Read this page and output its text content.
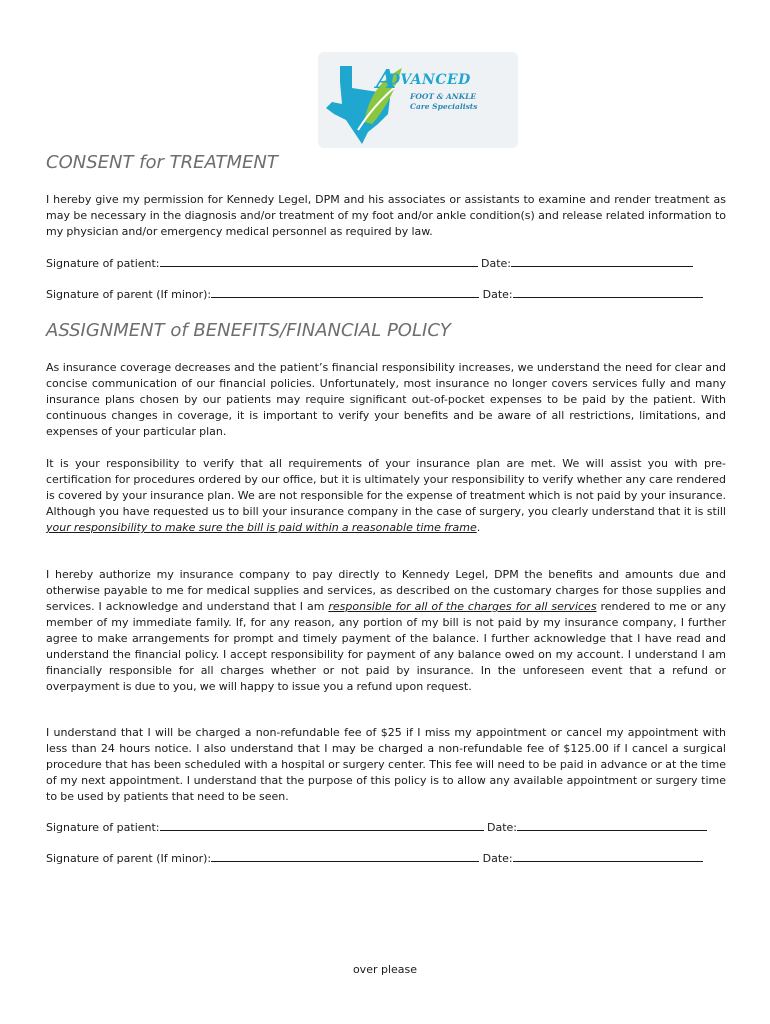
A
DVANCED
FOOT & ANKLE
Care Specialists
CONSENT for TREATMENT
I hereby give my permission for Kennedy Legel, DPM and his associates or assistants to examine and render treatment as may be necessary in the diagnosis and/or treatment of my foot and/or ankle condition(s) and release related information to my physician and/or emergency medical personnel as required by law.
Signature of patient:	Date:
Signature of parent (If minor):	Date:
ASSIGNMENT of BENEFITS/FINANCIAL POLICY
As insurance coverage decreases and the patient’s financial responsibility increases, we understand the need for clear and concise communication of our financial policies. Unfortunately, most insurance no longer covers services fully and many insurance plans chosen by our patients may require significant out-of-pocket expenses to be paid by the patient. With continuous changes in coverage, it is important to verify your benefits and be aware of all restrictions, limitations, and expenses of your particular plan.
It is your responsibility to verify that all requirements of your insurance plan are met. We will assist you with pre-certification for procedures ordered by our office, but it is ultimately your responsibility to verify whether any care rendered is covered by your insurance plan. We are not responsible for the expense of treatment which is not paid by your insurance. Although you have requested us to bill your insurance company in the case of surgery, you clearly understand that it is still your responsibility to make sure the bill is paid within a reasonable time frame.
I hereby authorize my insurance company to pay directly to Kennedy Legel, DPM the benefits and amounts due and otherwise payable to me for medical supplies and services, as described on the customary charges for those supplies and services. I acknowledge and understand that I am responsible for all of the charges for all services rendered to me or any member of my immediate family. If, for any reason, any portion of my bill is not paid by my insurance company, I further agree to make arrangements for prompt and timely payment of the balance. I further acknowledge that I have read and understand the financial policy. I accept responsibility for payment of any balance owed on my account. I understand I am financially responsible for all charges whether or not paid by insurance. In the unforeseen event that a refund or overpayment is due to you, we will happy to issue you a refund upon request.
I understand that I will be charged a non-refundable fee of $25 if I miss my appointment or cancel my appointment with less than 24 hours notice. I also understand that I may be charged a non-refundable fee of $125.00 if I cancel a surgical procedure that has been scheduled with a hospital or surgery center. This fee will need to be paid in advance or at the time of my next appointment. I understand that the purpose of this policy is to allow any available appointment or surgery time to be used by patients that need to be seen.
Signature of patient:	Date:
Signature of parent (If minor):	Date:
over please
